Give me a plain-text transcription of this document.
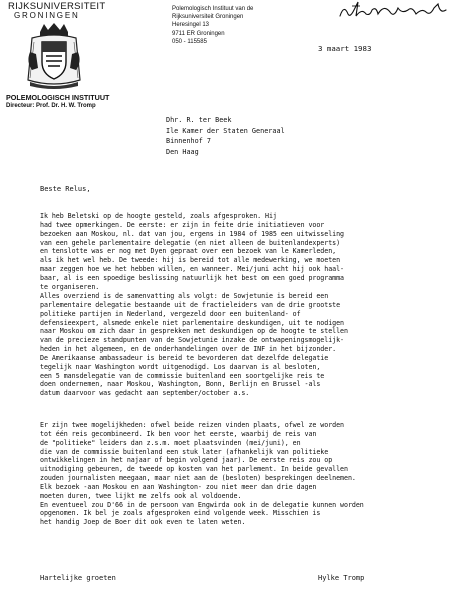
RIJKSUNIVERSITEIT
GRONINGEN
POLEMOLOGISCH INSTITUUT
Directeur: Prof. Dr. H. W. Tromp
Polemologisch Instituut van de
Rijksuniversiteit Groningen
Heresingel 13
9711 ER Groningen
050 - 115585
3 maart 1983
Dhr. R. ter Beek
Ile Kamer der Staten Generaal
Binnenhof 7
Den Haag
Beste Relus,
Ik heb Beletski op de hoogte gesteld, zoals afgesproken. Hij
had twee opmerkingen. De eerste: er zijn in feite drie initiatieven voor
bezoeken aan Moskou, nl. dat van jou, ergens in 1984 of 1985 een uitwisseling
van een gehele parlementaire delegatie (en niet alleen de buitenlandexperts)
en tenslotte was er nog met Dyen gepraat over een bezoek van le Kamerleden,
als ik het wel heb. De tweede: hij is bereid tot alle medewerking, we moeten
maar zeggen hoe we het hebben willen, en wanneer. Mei/juni acht hij ook haal-
baar, al is een spoedige beslissing natuurlijk het best om een goed programma
te organiseren.
Alles overziend is de samenvatting als volgt: de Sowjetunie is bereid een
parlementaire delegatie bestaande uit de fractieleiders van de drie grootste
politieke partijen in Nederland, vergezeld door een buitenland- of
defensieexpert, alsmede enkele niet parlementaire deskundigen, uit te nodigen
naar Moskou om zich daar in gesprekken met deskundigen op de hoogte te stellen
van de precieze standpunten van de Sowjetunie inzake de ontwapeningsmogelijk-
heden in het algemeen, en de onderhandelingen over de INF in het bijzonder.
De Amerikaanse ambassadeur is bereid te bevorderen dat dezelfde delegatie
tegelijk naar Washington wordt uitgenodigd. Los daarvan is al besloten,
een 5 mansdelegatie van de commissie buitenland een soortgelijke reis te
doen ondernemen, naar Moskou, Washington, Bonn, Berlijn en Brussel -als
datum daarvoor was gedacht aan september/october a.s.
Er zijn twee mogelijkheden: ofwel beide reizen vinden plaats, ofwel ze worden
tot één reis gecombineerd. Ik ben voor het eerste, waarbij de reis van
de "politieke" leiders dan z.s.m. moet plaatsvinden (mei/juni), en
die van de commissie buitenland een stuk later (afhankelijk van politieke
ontwikkelingen in het najaar of begin volgend jaar). De eerste reis zou op
uitnodiging gebeuren, de tweede op kosten van het parlement. In beide gevallen
zouden journalisten meegaan, maar niet aan de (besloten) besprekingen deelnemen.
Elk bezoek -aan Moskou en aan Washington- zou niet meer dan drie dagen
moeten duren, twee lijkt me zelfs ook al voldoende.
En eventueel zou D'66 in de persoon van Engwirda ook in de delegatie kunnen worden
opgenomen. Ik bel je zoals afgesproken eind volgende week. Misschien is
het handig Joep de Boer dit ook even te laten weten.
Hartelijke groeten	Hylke Tromp
